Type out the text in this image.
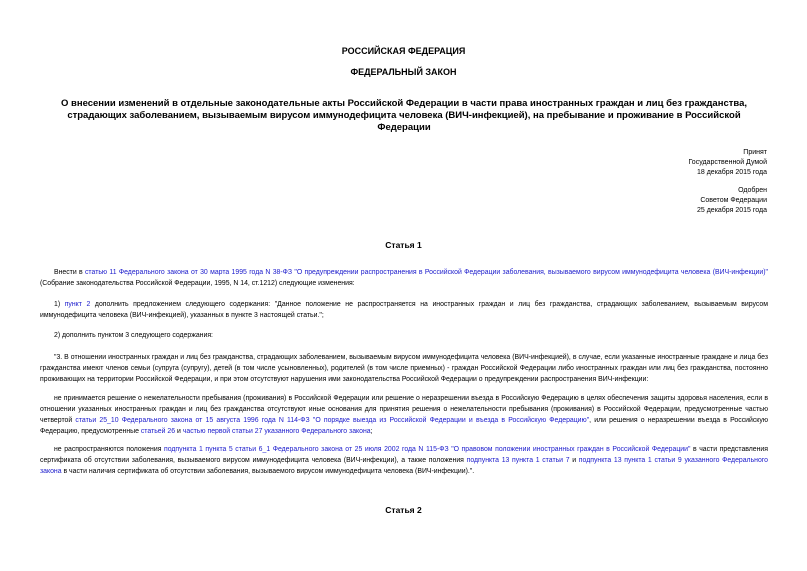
РОССИЙСКАЯ ФЕДЕРАЦИЯ
ФЕДЕРАЛЬНЫЙ ЗАКОН
О внесении изменений в отдельные законодательные акты Российской Федерации в части права иностранных граждан и лиц без гражданства, страдающих заболеванием, вызываемым вирусом иммунодефицита человека (ВИЧ-инфекцией), на пребывание и проживание в Российской Федерации
Принят
Государственной Думой
18 декабря 2015 года
Одобрен
Советом Федерации
25 декабря 2015 года
Статья 1
Внести в статью 11 Федерального закона от 30 марта 1995 года N 38-ФЗ "О предупреждении распространения в Российской Федерации заболевания, вызываемого вирусом иммунодефицита человека (ВИЧ-инфекции)" (Собрание законодательства Российской Федерации, 1995, N 14, ст.1212) следующие изменения:
1) пункт 2 дополнить предложением следующего содержания: "Данное положение не распространяется на иностранных граждан и лиц без гражданства, страдающих заболеванием, вызываемым вирусом иммунодефицита человека (ВИЧ-инфекцией), указанных в пункте 3 настоящей статьи.";
2) дополнить пунктом 3 следующего содержания:
"3. В отношении иностранных граждан и лиц без гражданства, страдающих заболеванием, вызываемым вирусом иммунодефицита человека (ВИЧ-инфекцией), в случае, если указанные иностранные граждане и лица без гражданства имеют членов семьи (супруга (супругу), детей (в том числе усыновленных), родителей (в том числе приемных) - граждан Российской Федерации либо иностранных граждан или лиц без гражданства, постоянно проживающих на территории Российской Федерации, и при этом отсутствуют нарушения ими законодательства Российской Федерации о предупреждении распространения ВИЧ-инфекции:
не принимается решение о нежелательности пребывания (проживания) в Российской Федерации или решение о неразрешении въезда в Российскую Федерацию в целях обеспечения защиты здоровья населения, если в отношении указанных иностранных граждан и лиц без гражданства отсутствуют иные основания для принятия решения о нежелательности пребывания (проживания) в Российской Федерации, предусмотренные частью четвертой статьи 25_10 Федерального закона от 15 августа 1996 года N 114-ФЗ "О порядке выезда из Российской Федерации и въезда в Российскую Федерацию", или решения о неразрешении въезда в Российскую Федерацию, предусмотренные статьей 26 и частью первой статьи 27 указанного Федерального закона;
не распространяются положения подпункта 1 пункта 5 статьи 6_1 Федерального закона от 25 июля 2002 года N 115-ФЗ "О правовом положении иностранных граждан в Российской Федерации" в части представления сертификата об отсутствии заболевания, вызываемого вирусом иммунодефицита человека (ВИЧ-инфекции), а также положения подпункта 13 пункта 1 статьи 7 и подпункта 13 пункта 1 статьи 9 указанного Федерального закона в части наличия сертификата об отсутствии заболевания, вызываемого вирусом иммунодефицита человека (ВИЧ-инфекции).".
Статья 2
